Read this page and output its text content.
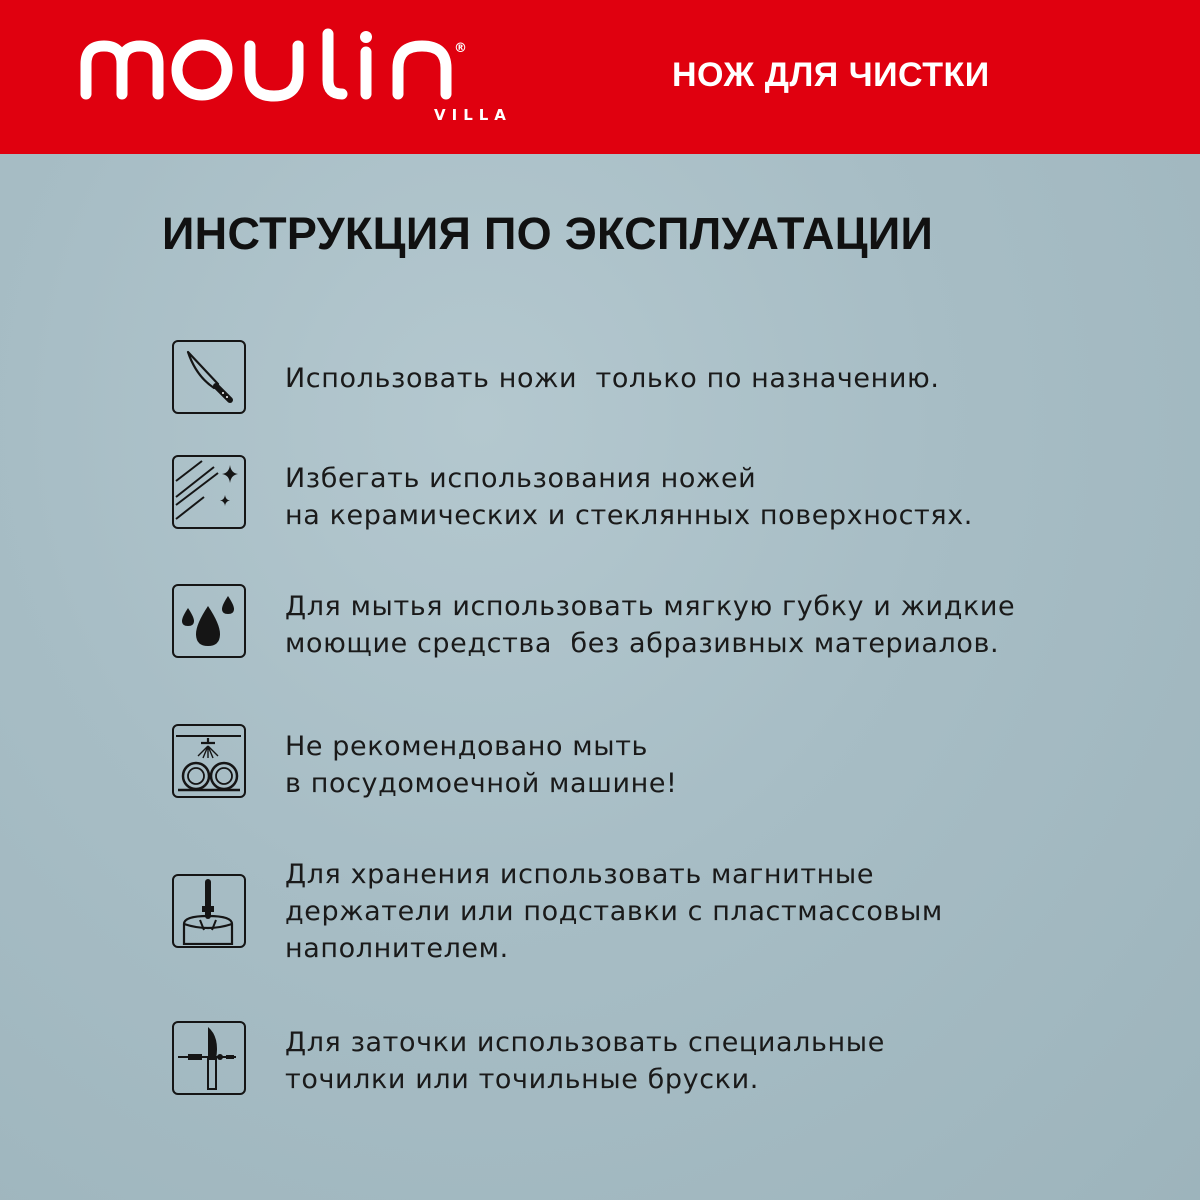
®
VILLA
НОЖ ДЛЯ ЧИСТКИ
ИНСТРУКЦИЯ ПО ЭКСПЛУАТАЦИИ
Использовать ножи  только по назначению.
Избегать использования ножей
на керамических и стеклянных поверхностях.
Для мытья использовать мягкую губку и жидкие
моющие средства  без абразивных материалов.
Не рекомендовано мыть
в посудомоечной машине!
Для хранения использовать магнитные
держатели или подставки с пластмассовым
наполнителем.
Для заточки использовать специальные
точилки или точильные бруски.
